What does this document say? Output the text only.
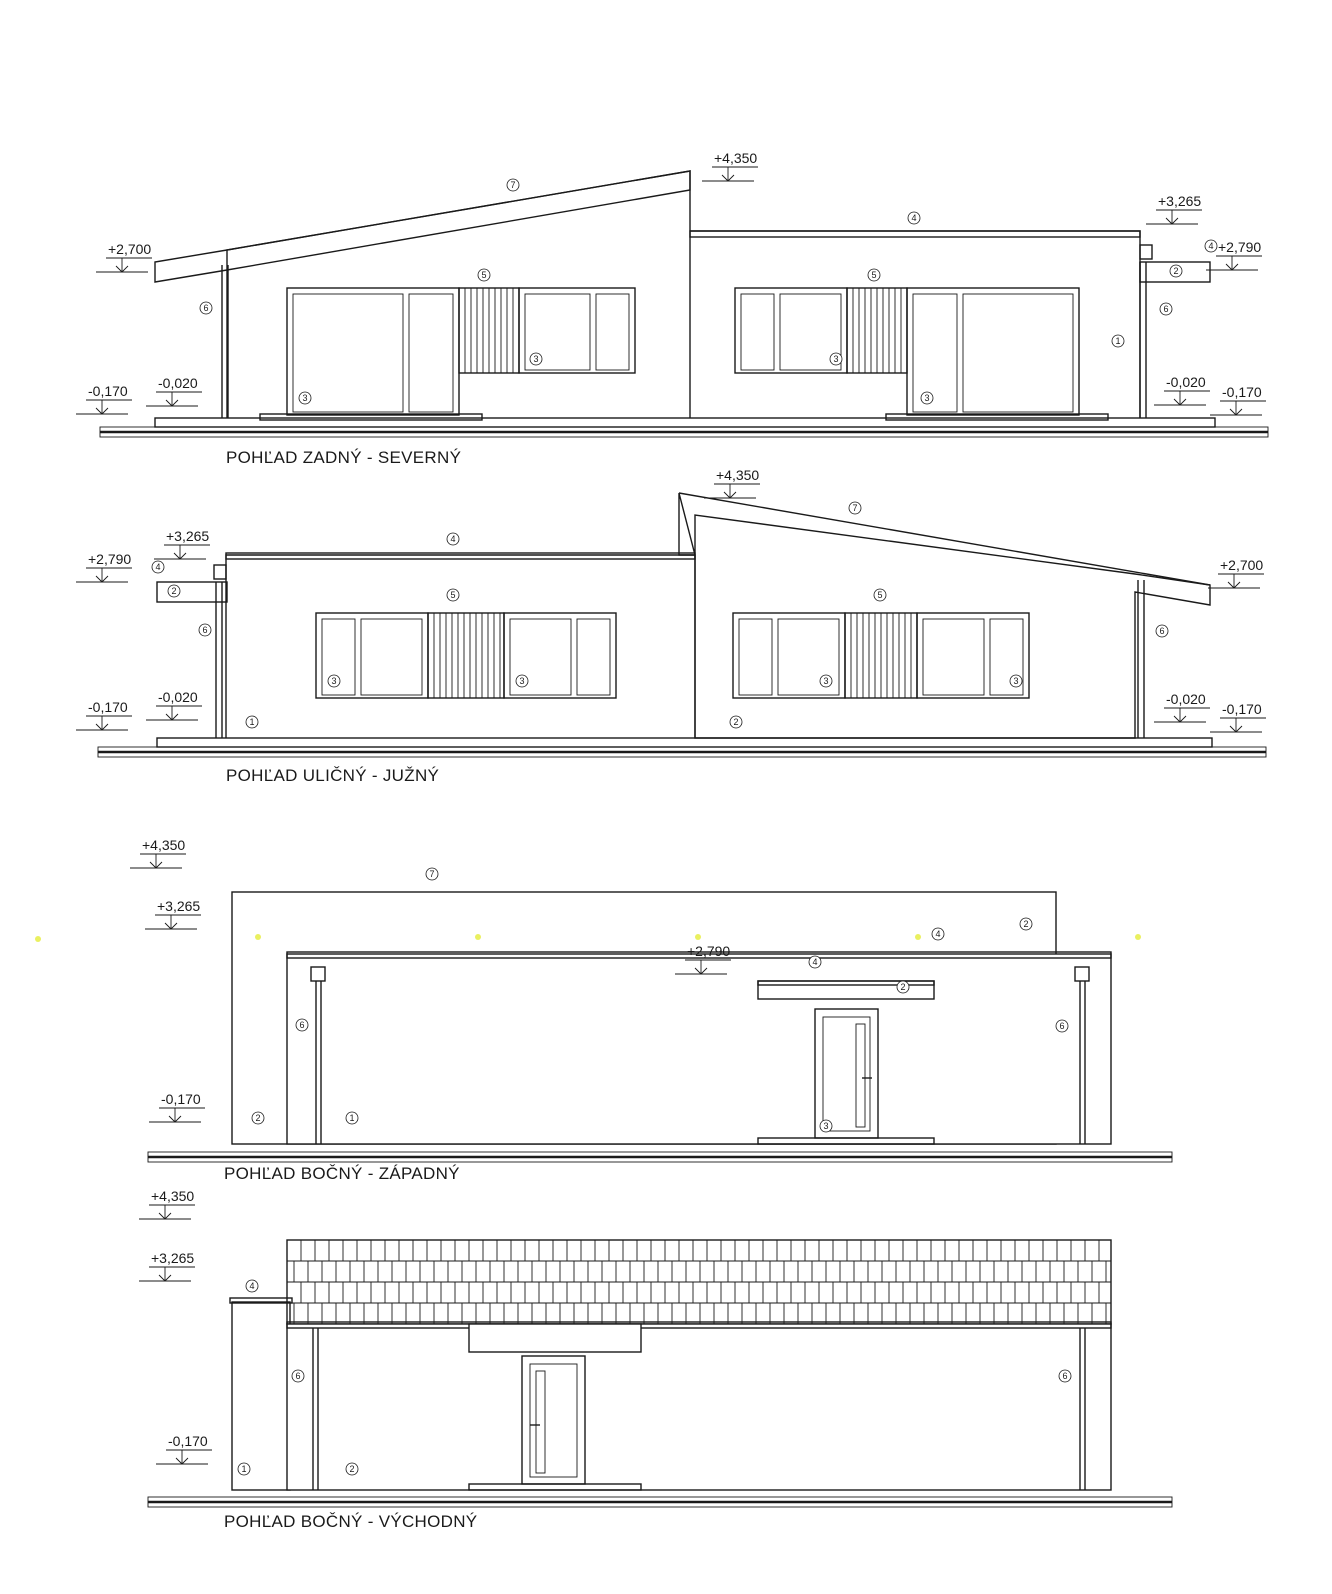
+4,350
+2,700
+3,265
+2,790
-0,170 -0,020	-0,020
-0,170
7
4
4
2
5	5
6	6
1
3	3
3	3
POHĽAD ZADNÝ - SEVERNÝ
+4,350
+3,265
+2,790	+2,700
-0,170
-0,020	-0,020
-0,170
4
7
4
2	5	5
6	6
1	2
3	3	3	3
POHĽAD ULIČNÝ - JUŽNÝ
+4,350
+3,265
+2,790
-0,170
7
2
4
4
2
6	6
2	1
3
POHĽAD BOČNÝ - ZÁPADNÝ
+4,350
+3,265
-0,170
4
6	6
1	2
POHĽAD BOČNÝ - VÝCHODNÝ
